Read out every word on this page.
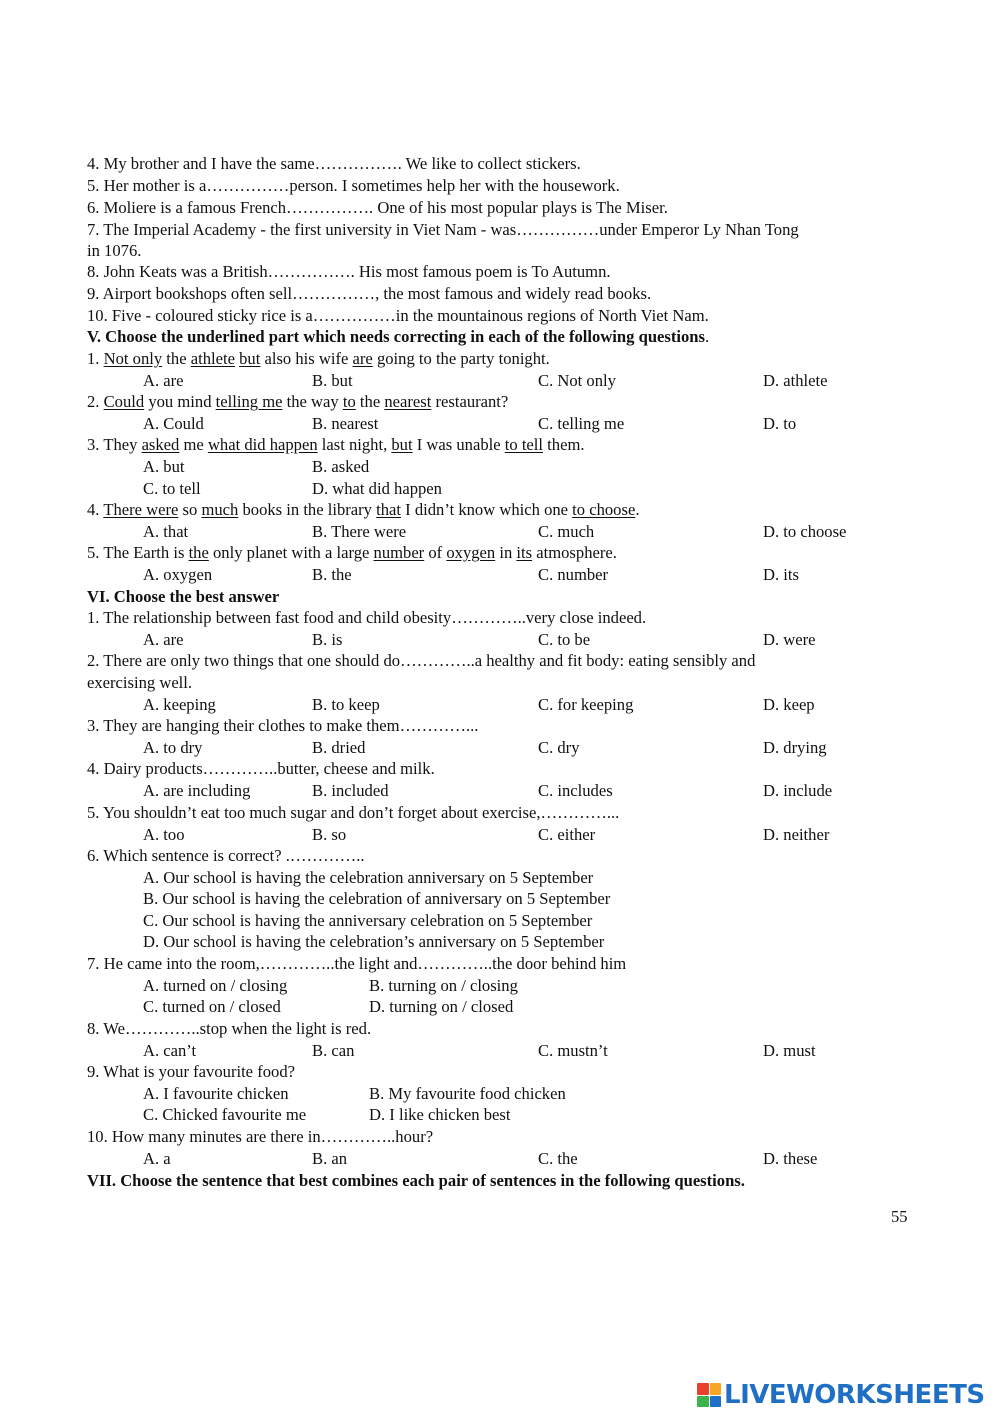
4. My brother and I have the same……………. We like to collect stickers.
5. Her mother is a……………person. I sometimes help her with the housework.
6. Moliere is a famous French……………. One of his most popular plays is The Miser.
7. The Imperial Academy - the first university in Viet Nam - was……………under Emperor Ly Nhan Tong
in 1076.
8. John Keats was a British……………. His most famous poem is To Autumn.
9. Airport bookshops often sell……………, the most famous and widely read books.
10. Five - coloured sticky rice is a……………in the mountainous regions of North Viet Nam.
V. Choose the underlined part which needs correcting in each of the following questions.
1. Not only the athlete but also his wife are going to the party tonight.
A. are	B. but	C. Not only	D. athlete
2. Could you mind telling me the way to the nearest restaurant?
A. Could	B. nearest	C. telling me	D. to
3. They asked me what did happen last night, but I was unable to tell them.
A. but	B. asked
C. to tell	D. what did happen
4. There were so much books in the library that I didn’t know which one to choose.
A. that	B. There were	C. much	D. to choose
5. The Earth is the only planet with a large number of oxygen in its atmosphere.
A. oxygen	B. the	C. number	D. its
VI. Choose the best answer
1. The relationship between fast food and child obesity…………..very close indeed.
A. are	B. is	C. to be	D. were
2. There are only two things that one should do…………..a healthy and fit body: eating sensibly and
exercising well.
A. keeping	B. to keep	C. for keeping	D. keep
3. They are hanging their clothes to make them…………...
A. to dry	B. dried	C. dry	D. drying
4. Dairy products…………..butter, cheese and milk.
A. are including	B. included	C. includes	D. include
5. You shouldn’t eat too much sugar and don’t forget about exercise,…………...
A. too	B. so	C. either	D. neither
6. Which sentence is correct? .…………..
A. Our school is having the celebration anniversary on 5 September
B. Our school is having the celebration of anniversary on 5 September
C. Our school is having the anniversary celebration on 5 September
D. Our school is having the celebration’s anniversary on 5 September
7. He came into the room,…………..the light and…………..the door behind him
A. turned on / closing	B. turning on / closing
C. turned on / closed	D. turning on / closed
8. We…………..stop when the light is red.
A. can’t	B. can	C. mustn’t	D. must
9. What is your favourite food?
A. I favourite chicken	B. My favourite food chicken
C. Chicked favourite me	D. I like chicken best
10. How many minutes are there in…………..hour?
A. a	B. an	C. the	D. these
VII. Choose the sentence that best combines each pair of sentences in the following questions.
55
LIVEWORKSHEETS
